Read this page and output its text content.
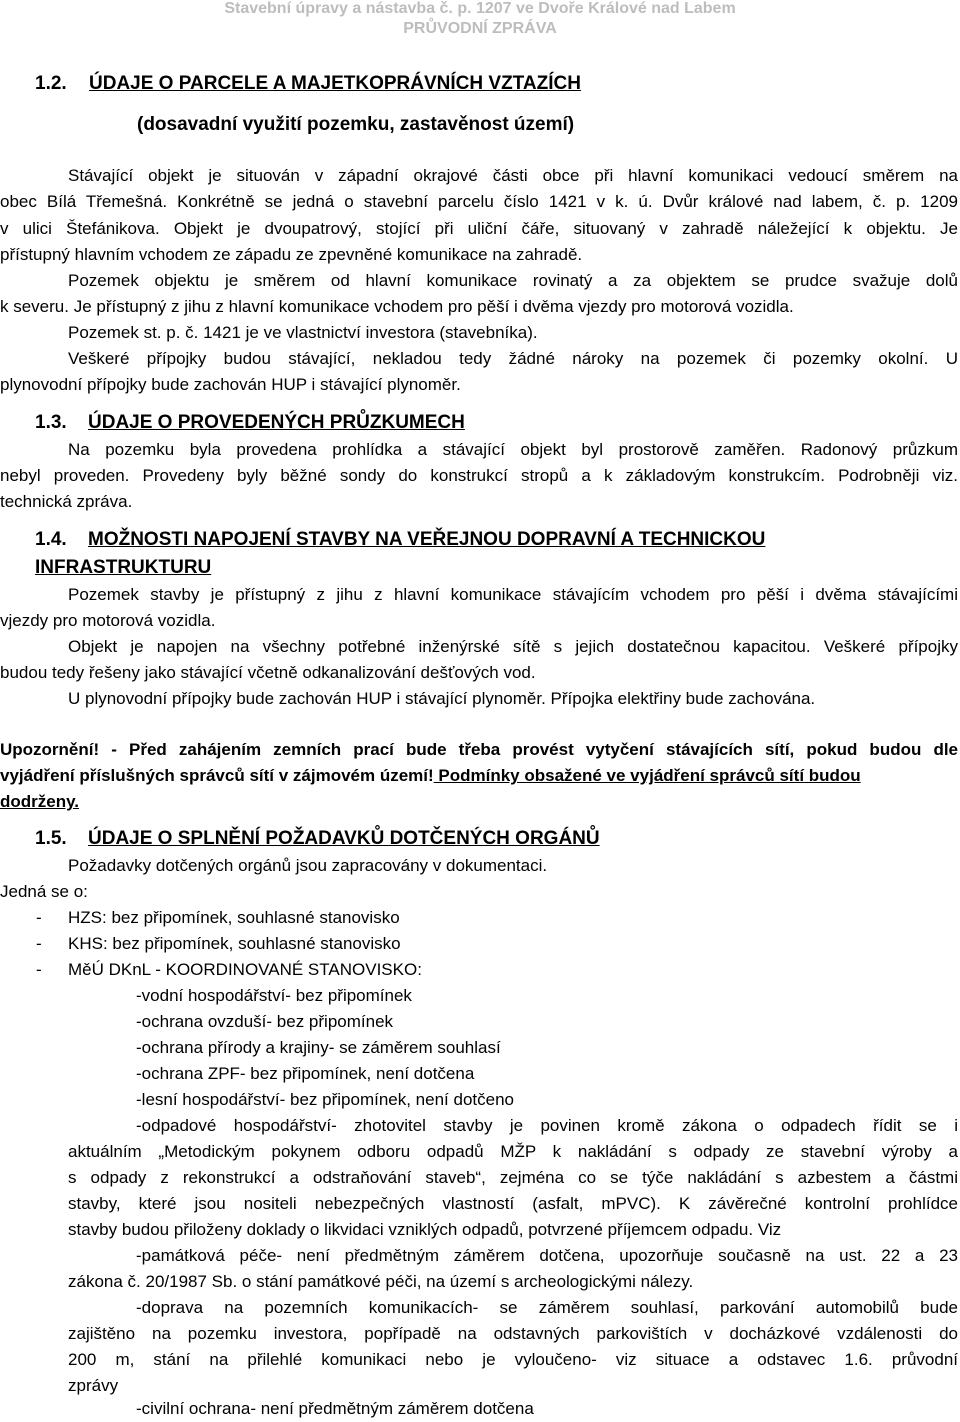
Stavební úpravy a nástavba č. p. 1207 ve Dvoře Králové nad Labem
PRŮVODNÍ ZPRÁVA
1.2. ÚDAJE O PARCELE A MAJETKOPRÁVNÍCH VZTAZÍCH
(dosavadní využití pozemku, zastavěnost území)
Stávající objekt je situován v západní okrajové části obce při hlavní komunikaci vedoucí směrem na
obec Bílá Třemešná. Konkrétně se jedná o stavební parcelu číslo 1421 v k. ú. Dvůr králové nad labem, č. p. 1209
v ulici Štefánikova. Objekt je dvoupatrový, stojící při uliční čáře, situovaný v zahradě náležející k objektu. Je
přístupný hlavním vchodem ze západu ze zpevněné komunikace na zahradě.
Pozemek objektu je směrem od hlavní komunikace rovinatý a za objektem se prudce svažuje dolů
k severu. Je přístupný z jihu z hlavní komunikace vchodem pro pěší i dvěma vjezdy pro motorová vozidla.
Pozemek st. p. č. 1421 je ve vlastnictví investora (stavebníka).
Veškeré přípojky budou stávající, nekladou tedy žádné nároky na pozemek či pozemky okolní. U
plynovodní přípojky bude zachován HUP i stávající plynoměr.
1.3. ÚDAJE O PROVEDENÝCH PRŮZKUMECH
Na pozemku byla provedena prohlídka a stávající objekt byl prostorově zaměřen. Radonový průzkum
nebyl proveden. Provedeny byly běžné sondy do konstrukcí stropů a k základovým konstrukcím. Podrobněji viz.
technická zpráva.
1.4. MOŽNOSTI NAPOJENÍ STAVBY NA VEŘEJNOU DOPRAVNÍ A TECHNICKOU
INFRASTRUKTURU
Pozemek stavby je přístupný z jihu z hlavní komunikace stávajícím vchodem pro pěší i dvěma stávajícími
vjezdy pro motorová vozidla.
Objekt je napojen na všechny potřebné inženýrské sítě s jejich dostatečnou kapacitou. Veškeré přípojky
budou tedy řešeny jako stávající včetně odkanalizování dešťových vod.
U plynovodní přípojky bude zachován HUP i stávající plynoměr. Přípojka elektřiny bude zachována.
Upozornění! - Před zahájením zemních prací bude třeba provést vytyčení stávajících sítí, pokud budou dle
vyjádření příslušných správců sítí v zájmovém území! Podmínky obsažené ve vyjádření správců sítí budou
dodrženy.
1.5. ÚDAJE O SPLNĚNÍ POŽADAVKŮ DOTČENÝCH ORGÁNŮ
Požadavky dotčených orgánů jsou zapracovány v dokumentaci.
Jedná se o:
- HZS: bez připomínek, souhlasné stanovisko
- KHS: bez připomínek, souhlasné stanovisko
- MěÚ DKnL - KOORDINOVANÉ STANOVISKO:
-vodní hospodářství- bez připomínek
-ochrana ovzduší- bez připomínek
-ochrana přírody a krajiny- se záměrem souhlasí
-ochrana ZPF- bez připomínek, není dotčena
-lesní hospodářství- bez připomínek, není dotčeno
-odpadové hospodářství- zhotovitel stavby je povinen kromě zákona o odpadech řídit se i
aktuálním „Metodickým pokynem odboru odpadů MŽP k nakládání s odpady ze stavební výroby a
s odpady z rekonstrukcí a odstraňování staveb“, zejména co se týče nakládání s azbestem a částmi
stavby, které jsou nositeli nebezpečných vlastností (asfalt, mPVC). K závěrečné kontrolní prohlídce
stavby budou přiloženy doklady o likvidaci vzniklých odpadů, potvrzené příjemcem odpadu. Viz
-památková péče- není předmětným záměrem dotčena, upozorňuje současně na ust. 22 a 23
zákona č. 20/1987 Sb. o stání památkové péči, na území s archeologickými nálezy.
-doprava na pozemních komunikacích- se záměrem souhlasí, parkování automobilů bude
zajištěno na pozemku investora, popřípadě na odstavných parkovištích v docházkové vzdálenosti do
200 m, stání na přilehlé komunikaci nebo je vyloučeno- viz situace a odstavec 1.6. průvodní
zprávy
-civilní ochrana- není předmětným záměrem dotčena
